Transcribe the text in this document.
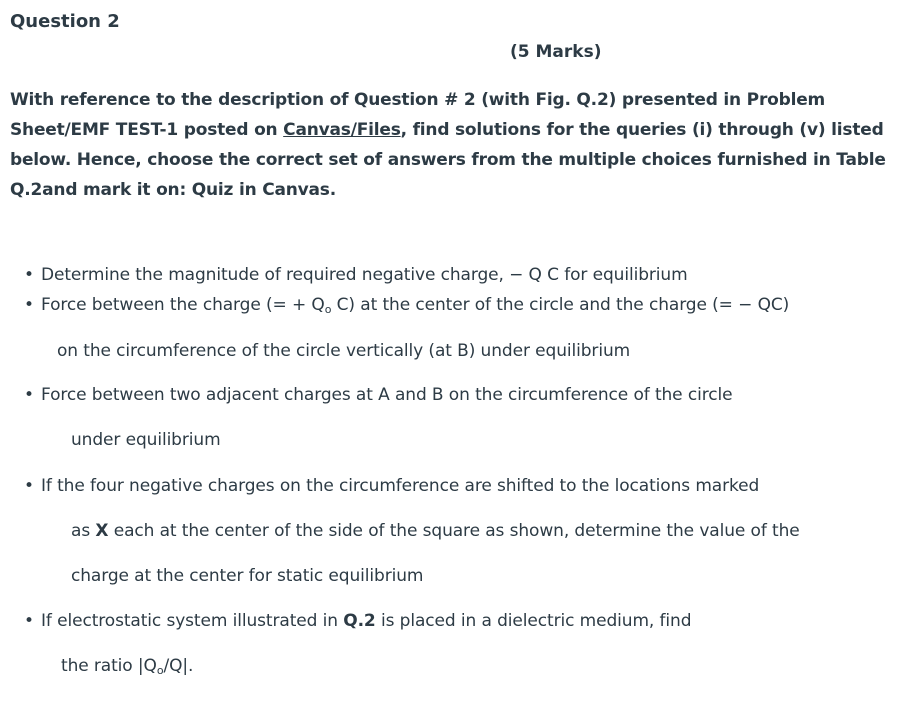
Question 2
(5 Marks)
With reference to the description of Question # 2 (with Fig. Q.2) presented in Problem Sheet/EMF TEST-1 posted on Canvas/Files, find solutions for the queries (i) through (v) listed below. Hence, choose the correct set of answers from the multiple choices furnished in Table Q.2and mark it on: Quiz in Canvas.
• Determine the magnitude of required negative charge, − Q C for equilibrium
• Force between the charge (= + $Q_o$ C) at the center of the circle and the charge (= − QC)
on the circumference of the circle vertically (at B) under equilibrium
• Force between two adjacent charges at A and B on the circumference of the circle
under equilibrium
• If the four negative charges on the circumference are shifted to the locations marked
as X each at the center of the side of the square as shown, determine the value of the
charge at the center for static equilibrium
• If electrostatic system illustrated in Q.2 is placed in a dielectric medium, find
the ratio $|Q_o/Q|$.
